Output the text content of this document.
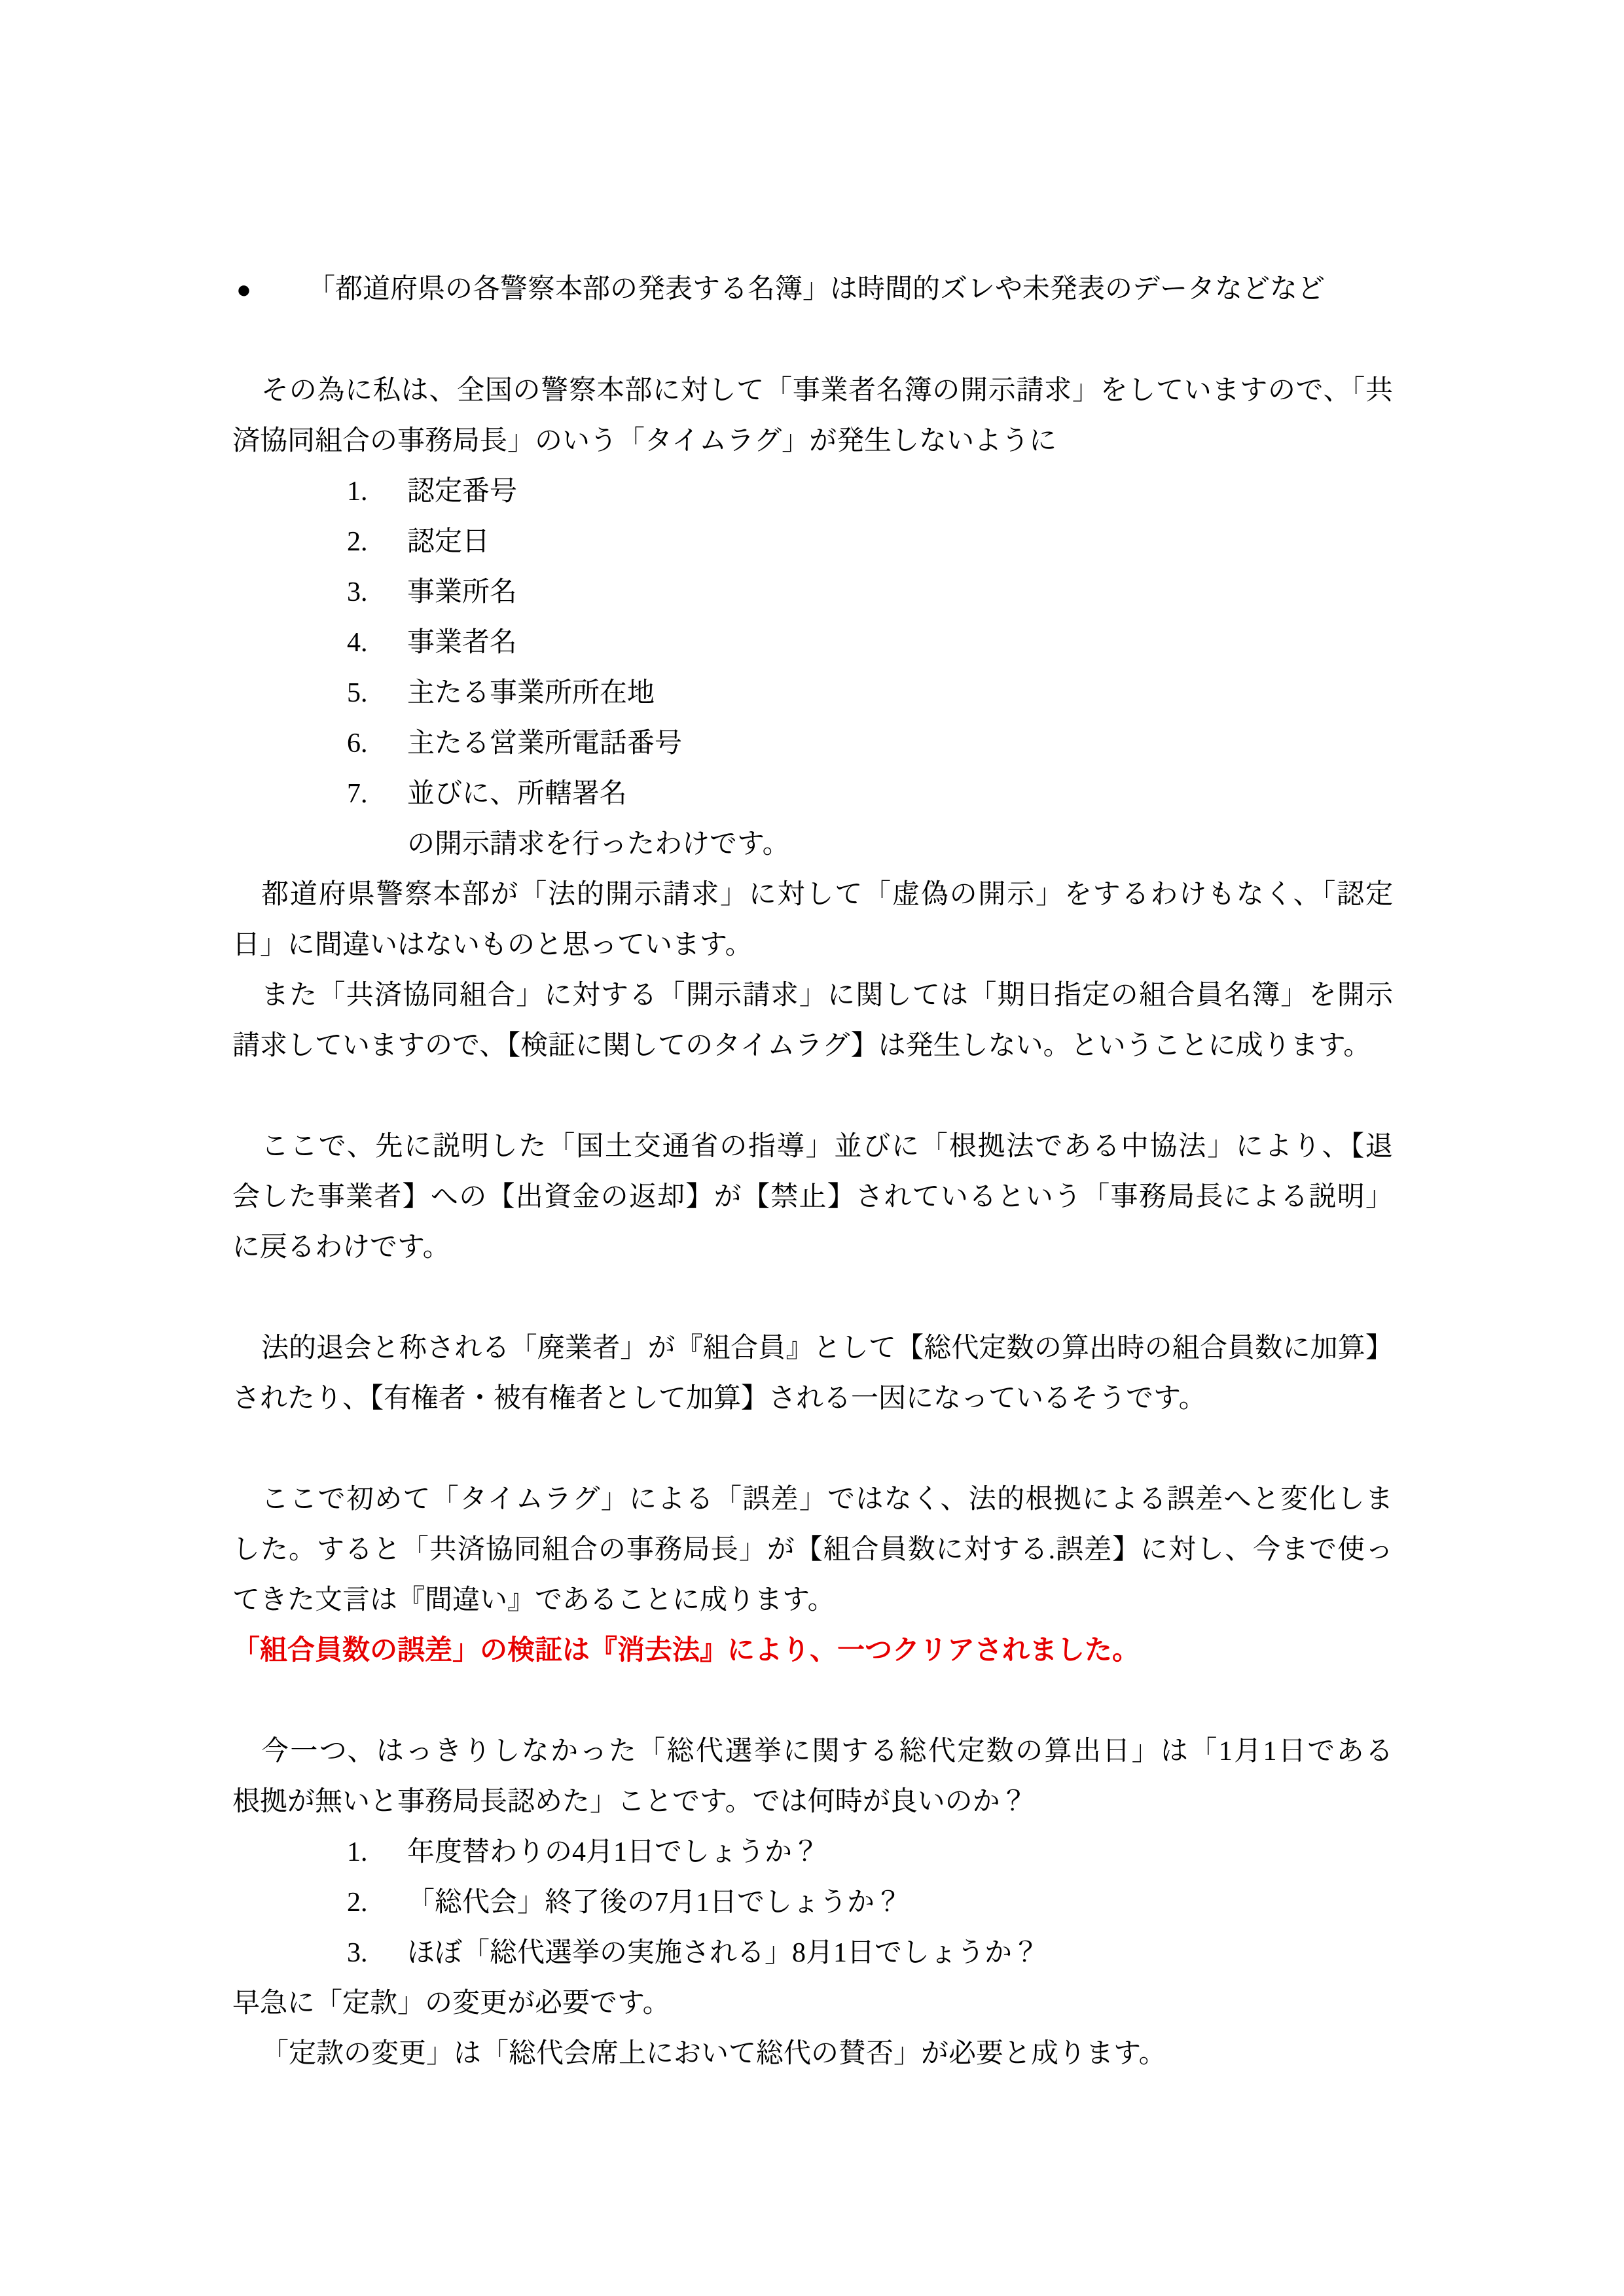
● 「都道府県の各警察本部の発表する名簿」は時間的ズレや未発表のデータなどなど
その為に私は、全国の警察本部に対して「事業者名簿の開示請求」をしていますので、「共
済協同組合の事務局長」のいう「タイムラグ」が発生しないように
1. 認定番号
2. 認定日
3. 事業所名
4. 事業者名
5. 主たる事業所所在地
6. 主たる営業所電話番号
7. 並びに、所轄署名
の開示請求を行ったわけです。
都道府県警察本部が「法的開示請求」に対して「虚偽の開示」をするわけもなく、「認定
日」に間違いはないものと思っています。
また「共済協同組合」に対する「開示請求」に関しては「期日指定の組合員名簿」を開示
請求していますので、【検証に関してのタイムラグ】は発生しない。ということに成ります。
ここで、先に説明した「国土交通省の指導」並びに「根拠法である中協法」により、【退
会した事業者】への【出資金の返却】が【禁止】されているという「事務局長による説明」
に戻るわけです。
法的退会と称される「廃業者」が『組合員』として【総代定数の算出時の組合員数に加算】
されたり、【有権者・被有権者として加算】される一因になっているそうです。
ここで初めて「タイムラグ」による「誤差」ではなく、法的根拠による誤差へと変化しま
した。すると「共済協同組合の事務局長」が【組合員数に対する.誤差】に対し、今まで使っ
てきた文言は『間違い』であることに成ります。
「組合員数の誤差」の検証は『消去法』により、一つクリアされました。
今一つ、はっきりしなかった「総代選挙に関する総代定数の算出日」は「1月1日である
根拠が無いと事務局長認めた」ことです。では何時が良いのか？
1. 年度替わりの4月1日でしょうか？
2. 「総代会」終了後の7月1日でしょうか？
3. ほぼ「総代選挙の実施される」8月1日でしょうか？
早急に「定款」の変更が必要です。
「定款の変更」は「総代会席上において総代の賛否」が必要と成ります。
